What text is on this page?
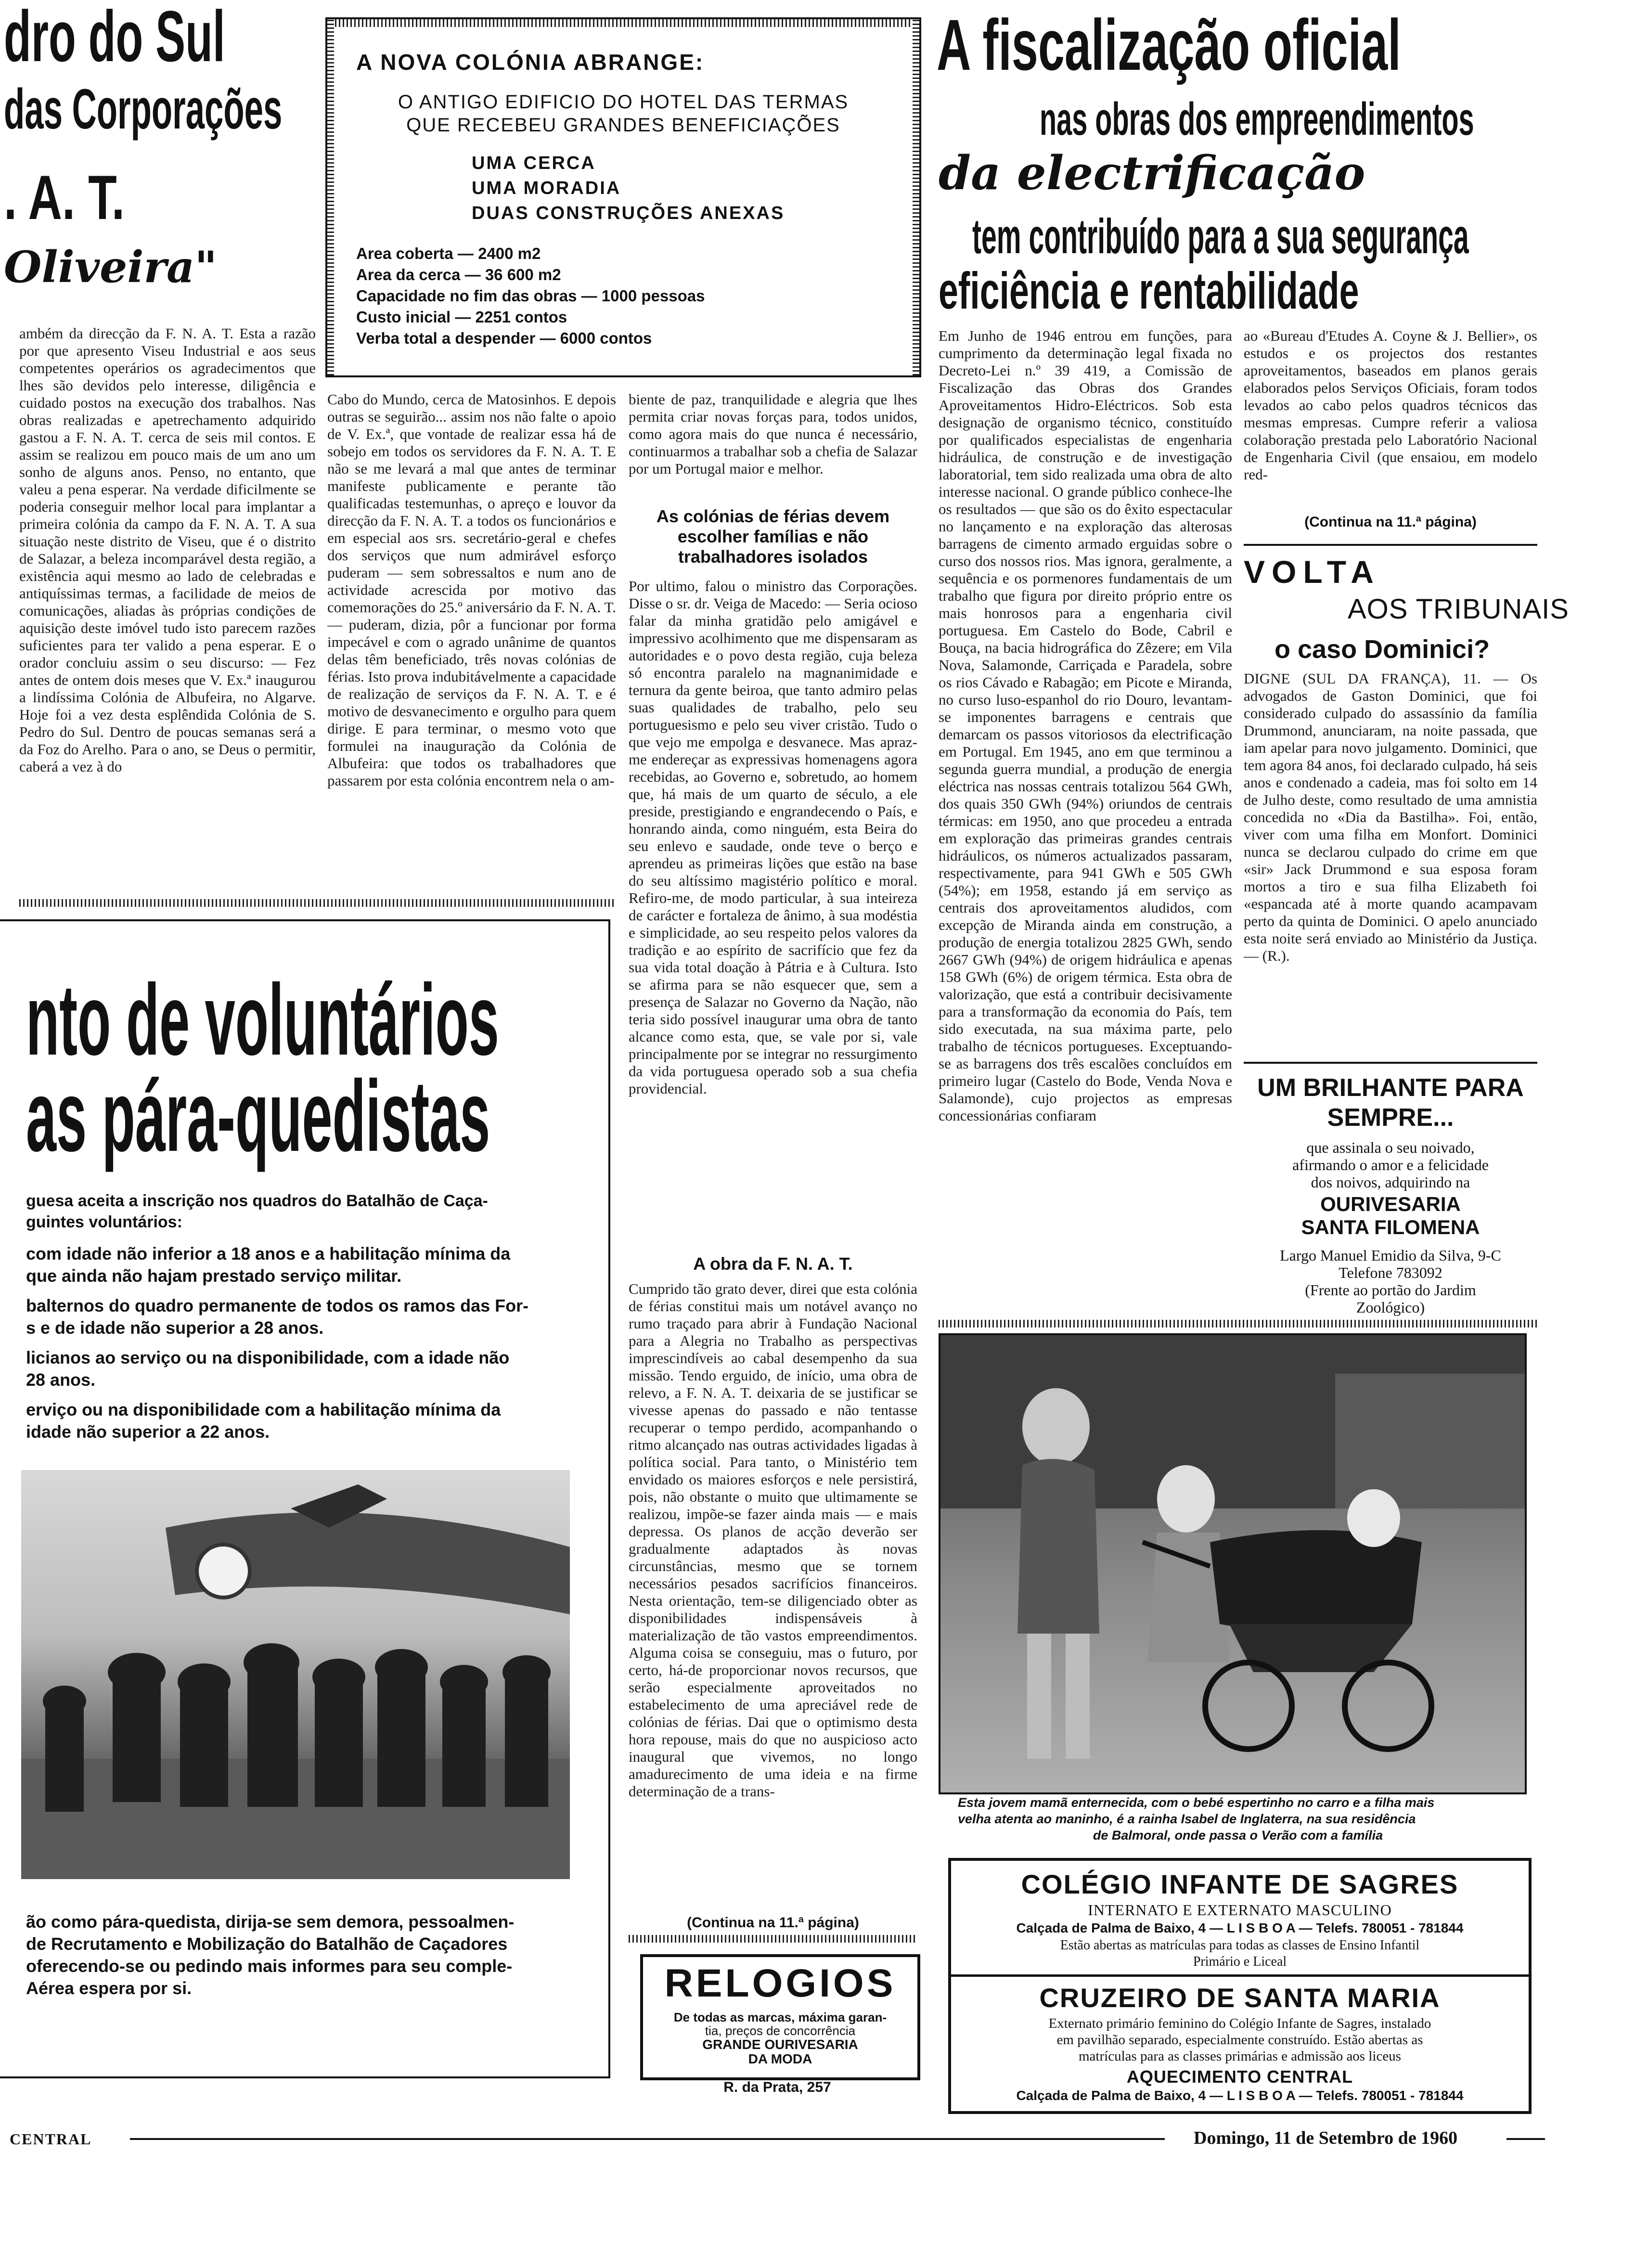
dro do Sul
das Corporações
. A. T.
Oliveira"
ambém da direcção da F. N. A. T. Esta a razão por que apresento Viseu Industrial e aos seus competentes operários os agradecimentos que lhes são devidos pelo interesse, diligência e cuidado postos na execução dos trabalhos. Nas obras realizadas e apetrechamento adquirido gastou a F. N. A. T. cerca de seis mil contos. E assim se realizou em pouco mais de um ano um sonho de alguns anos. Penso, no entanto, que valeu a pena esperar. Na verdade dificilmente se poderia conseguir melhor local para implantar a primeira colónia da campo da F. N. A. T. A sua situação neste distrito de Viseu, que é o distrito de Salazar, a beleza incomparável desta região, a existência aqui mesmo ao lado de celebradas e antiquíssimas termas, a facilidade de meios de comunicações, aliadas às próprias condições de aquisição deste imóvel tudo isto parecem razões suficientes para ter valido a pena esperar. E o orador concluiu assim o seu discurso: — Fez antes de ontem dois meses que V. Ex.ª inaugurou a lindíssima Colónia de Albufeira, no Algarve. Hoje foi a vez desta esplêndida Colónia de S. Pedro do Sul. Dentro de poucas semanas será a da Foz do Arelho. Para o ano, se Deus o permitir, caberá a vez à do
A NOVA COLÓNIA ABRANGE:
O ANTIGO EDIFICIO DO HOTEL DAS TERMAS
QUE RECEBEU GRANDES BENEFICIAÇÕES
UMA CERCA
UMA MORADIA
DUAS CONSTRUÇÕES ANEXAS
Area coberta — 2400 m2
Area da cerca — 36 600 m2
Capacidade no fim das obras — 1000 pessoas
Custo inicial — 2251 contos
Verba total a despender — 6000 contos
Cabo do Mundo, cerca de Matosinhos. E depois outras se seguirão... assim nos não falte o apoio de V. Ex.ª, que vontade de realizar essa há de sobejo em todos os servidores da F. N. A. T. E não se me levará a mal que antes de terminar manifeste publicamente e perante tão qualificadas testemunhas, o apreço e louvor da direcção da F. N. A. T. a todos os funcionários e em especial aos srs. secretário-geral e chefes dos serviços que num admirável esforço puderam — sem sobressaltos e num ano de actividade acrescida por motivo das comemorações do 25.º aniversário da F. N. A. T. — puderam, dizia, pôr a funcionar por forma impecável e com o agrado unânime de quantos delas têm beneficiado, três novas colónias de férias. Isto prova indubitávelmente a capacidade de realização de serviços da F. N. A. T. e é motivo de desvanecimento e orgulho para quem dirige. E para terminar, o mesmo voto que formulei na inauguração da Colónia de Albufeira: que todos os trabalhadores que passarem por esta colónia encontrem nela o am-
biente de paz, tranquilidade e alegria que lhes permita criar novas forças para, todos unidos, como agora mais do que nunca é necessário, continuarmos a trabalhar sob a chefia de Salazar por um Portugal maior e melhor.
As colónias de férias devem escolher famílias e não trabalhadores isolados
Por ultimo, falou o ministro das Corporações. Disse o sr. dr. Veiga de Macedo: — Seria ocioso falar da minha gratidão pelo amigável e impressivo acolhimento que me dispensaram as autoridades e o povo desta região, cuja beleza só encontra paralelo na magnanimidade e ternura da gente beiroa, que tanto admiro pelas suas qualidades de trabalho, pelo seu portuguesismo e pelo seu viver cristão. Tudo o que vejo me empolga e desvanece. Mas apraz-me endereçar as expressivas homenagens agora recebidas, ao Governo e, sobretudo, ao homem que, há mais de um quarto de século, a ele preside, prestigiando e engrandecendo o País, e honrando ainda, como ninguém, esta Beira do seu enlevo e saudade, onde teve o berço e aprendeu as primeiras lições que estão na base do seu altíssimo magistério político e moral. Refiro-me, de modo particular, à sua inteireza de carácter e fortaleza de ânimo, à sua modéstia e simplicidade, ao seu respeito pelos valores da tradição e ao espírito de sacrifício que fez da sua vida total doação à Pátria e à Cultura. Isto se afirma para se não esquecer que, sem a presença de Salazar no Governo da Nação, não teria sido possível inaugurar uma obra de tanto alcance como esta, que, se vale por si, vale principalmente por se integrar no ressurgimento da vida portuguesa operado sob a sua chefia providencial.
A obra da F. N. A. T.
Cumprido tão grato dever, direi que esta colónia de férias constitui mais um notável avanço no rumo traçado para abrir à Fundação Nacional para a Alegria no Trabalho as perspectivas imprescindíveis ao cabal desempenho da sua missão. Tendo erguido, de início, uma obra de relevo, a F. N. A. T. deixaria de se justificar se vivesse apenas do passado e não tentasse recuperar o tempo perdido, acompanhando o ritmo alcançado nas outras actividades ligadas à política social. Para tanto, o Ministério tem envidado os maiores esforços e nele persistirá, pois, não obstante o muito que ultimamente se realizou, impõe-se fazer ainda mais — e mais depressa. Os planos de acção deverão ser gradualmente adaptados às novas circunstâncias, mesmo que se tornem necessários pesados sacrifícios financeiros. Nesta orientação, tem-se diligenciado obter as disponibilidades indispensáveis à materialização de tão vastos empreendimentos. Alguma coisa se conseguiu, mas o futuro, por certo, há-de proporcionar novos recursos, que serão especialmente aproveitados no estabelecimento de uma apreciável rede de colónias de férias. Dai que o optimismo desta hora repouse, mais do que no auspicioso acto inaugural que vivemos, no longo amadurecimento de uma ideia e na firme determinação de a trans-
(Continua na 11.ª página)
nto de voluntários
as pára-quedistas
guesa aceita a inscrição nos quadros do Batalhão de Caça-
guintes voluntários:
com idade não inferior a 18 anos e a habilitação mínima da
que ainda não hajam prestado serviço militar.
balternos do quadro permanente de todos os ramos das For-
s e de idade não superior a 28 anos.
licianos ao serviço ou na disponibilidade, com a idade não
28 anos.
erviço ou na disponibilidade com a habilitação mínima da
idade não superior a 22 anos.
ão como pára-quedista, dirija-se sem demora, pessoalmen-
de Recrutamento e Mobilização do Batalhão de Caçadores
oferecendo-se ou pedindo mais informes para seu comple-
Aérea espera por si.	RELOGIOS
De todas as marcas, máxima garan-
tia, preços de concorrência
GRANDE OURIVESARIA
DA MODA
R. da Prata, 257
A fiscalização oficial
nas obras dos empreendimentos
da electrificação
tem contribuído para a sua segurança
eficiência e rentabilidade
Em Junho de 1946 entrou em funções, para cumprimento da determinação legal fixada no Decreto-Lei n.º 39 419, a Comissão de Fiscalização das Obras dos Grandes Aproveitamentos Hidro-Eléctricos. Sob esta designação de organismo técnico, constituído por qualificados especialistas de engenharia hidráulica, de construção e de investigação laboratorial, tem sido realizada uma obra de alto interesse nacional. O grande público conhece-lhe os resultados — que são os do êxito espectacular no lançamento e na exploração das alterosas barragens de cimento armado erguidas sobre o curso dos nossos rios. Mas ignora, geralmente, a sequência e os pormenores fundamentais de um trabalho que figura por direito próprio entre os mais honrosos para a engenharia civil portuguesa. Em Castelo do Bode, Cabril e Bouça, na bacia hidrográfica do Zêzere; em Vila Nova, Salamonde, Carriçada e Paradela, sobre os rios Cávado e Rabagão; em Picote e Miranda, no curso luso-espanhol do rio Douro, levantam-se imponentes barragens e centrais que demarcam os passos vitoriosos da electrificação em Portugal. Em 1945, ano em que terminou a segunda guerra mundial, a produção de energia eléctrica nas nossas centrais totalizou 564 GWh, dos quais 350 GWh (94%) oriundos de centrais térmicas: em 1950, ano que procedeu a entrada em exploração das primeiras grandes centrais hidráulicos, os números actualizados passaram, respectivamente, para 941 GWh e 505 GWh (54%); em 1958, estando já em serviço as centrais dos aproveitamentos aludidos, com excepção de Miranda ainda em construção, a produção de energia totalizou 2825 GWh, sendo 2667 GWh (94%) de origem hidráulica e apenas 158 GWh (6%) de origem térmica. Esta obra de valorização, que está a contribuir decisivamente para a transformação da economia do País, tem sido executada, na sua máxima parte, pelo trabalho de técnicos portugueses. Exceptuando-se as barragens dos três escalões concluídos em primeiro lugar (Castelo do Bode, Venda Nova e Salamonde), cujo projectos as empresas concessionárias confiaram
ao «Bureau d'Etudes A. Coyne & J. Bellier», os estudos e os projectos dos restantes aproveitamentos, baseados em planos gerais elaborados pelos Serviços Oficiais, foram todos levados ao cabo pelos quadros técnicos das mesmas empresas. Cumpre referir a valiosa colaboração prestada pelo Laboratório Nacional de Engenharia Civil (que ensaiou, em modelo red-
(Continua na 11.ª página)
VOLTA
AOS TRIBUNAIS
o caso Dominici?
DIGNE (SUL DA FRANÇA), 11. — Os advogados de Gaston Dominici, que foi considerado culpado do assassínio da família Drummond, anunciaram, na noite passada, que iam apelar para novo julgamento. Dominici, que tem agora 84 anos, foi declarado culpado, há seis anos e condenado a cadeia, mas foi solto em 14 de Julho deste, como resultado de uma amnistia concedida no «Dia da Bastilha». Foi, então, viver com uma filha em Monfort. Dominici nunca se declarou culpado do crime em que «sir» Jack Drummond e sua esposa foram mortos a tiro e sua filha Elizabeth foi «espancada até à morte quando acampavam perto da quinta de Dominici. O apelo anunciado esta noite será enviado ao Ministério da Justiça. — (R.).
UM BRILHANTE PARA
SEMPRE...
que assinala o seu noivado,
afirmando o amor e a felicidade
dos noivos, adquirindo na
OURIVESARIA
SANTA FILOMENA
Largo Manuel Emidio da Silva, 9-C
Telefone 783092
(Frente ao portão do Jardim
Zoológico)
Esta jovem mamã enternecida, com o bebé espertinho no carro e a filha mais
velha atenta ao maninho, é a rainha Isabel de Inglaterra, na sua residência
de Balmoral, onde passa o Verão com a família
COLÉGIO INFANTE DE SAGRES
INTERNATO E EXTERNATO MASCULINO
Calçada de Palma de Baixo, 4 — L I S B O A — Telefs. 780051 - 781844
Estão abertas as matrículas para todas as classes de Ensino Infantil
Primário e Liceal
CRUZEIRO DE SANTA MARIA
Externato primário feminino do Colégio Infante de Sagres, instalado
em pavilhão separado, especialmente construído. Estão abertas as
matrículas para as classes primárias e admissão aos liceus
AQUECIMENTO CENTRAL
Calçada de Palma de Baixo, 4 — L I S B O A — Telefs. 780051 - 781844
CENTRAL	Domingo, 11 de Setembro de 1960
